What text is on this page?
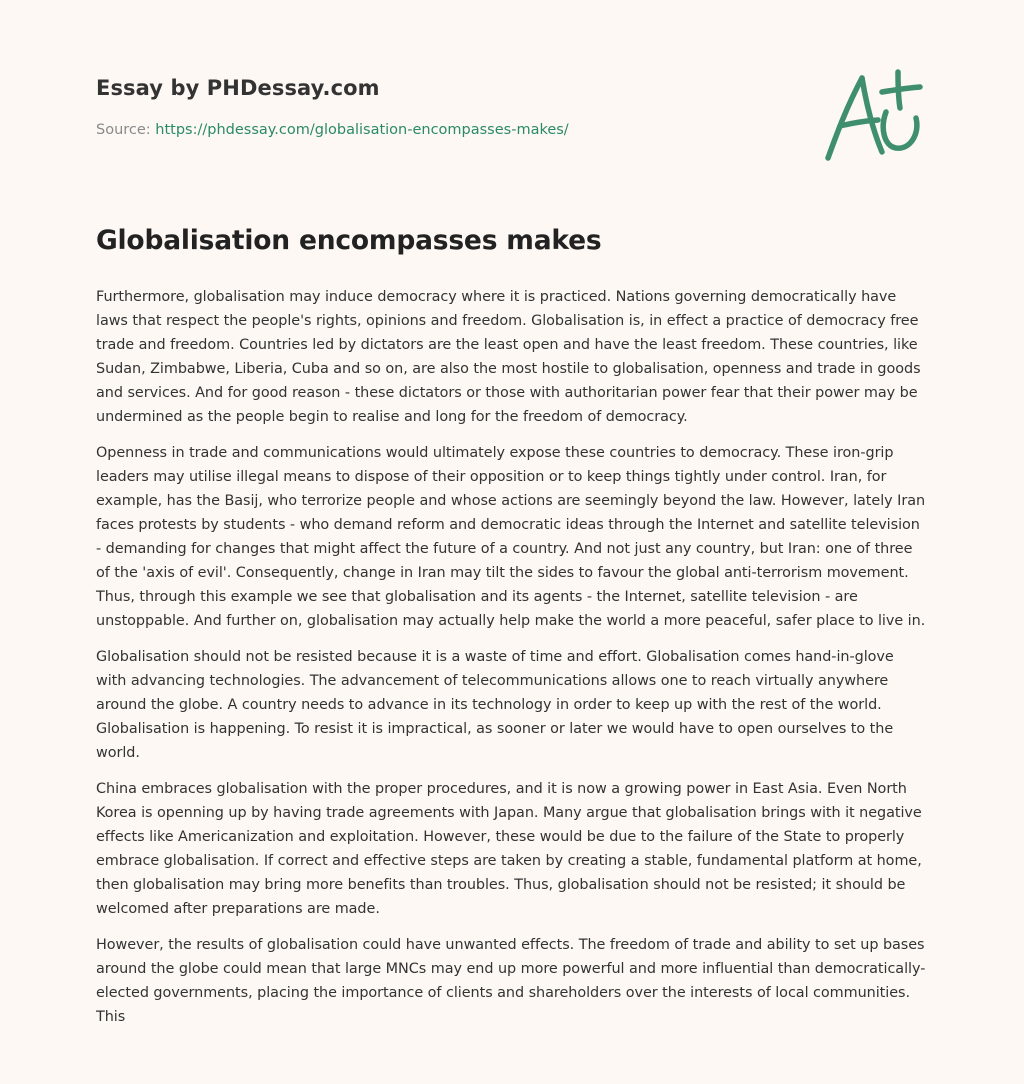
Essay by PHDessay.com
Source: https://phdessay.com/globalisation-encompasses-makes/
Globalisation encompasses makes

Furthermore, globalisation may induce democracy where it is practiced. Nations governing democratically have laws that respect the people's rights, opinions and freedom. Globalisation is, in effect a practice of democracy free trade and freedom. Countries led by dictators are the least open and have the least freedom. These countries, like Sudan, Zimbabwe, Liberia, Cuba and so on, are also the most hostile to globalisation, openness and trade in goods and services. And for good reason - these dictators or those with authoritarian power fear that their power may be undermined as the people begin to realise and long for the freedom of democracy.

Openness in trade and communications would ultimately expose these countries to democracy. These iron-grip leaders may utilise illegal means to dispose of their opposition or to keep things tightly under control. Iran, for example, has the Basij, who terrorize people and whose actions are seemingly beyond the law. However, lately Iran faces protests by students - who demand reform and democratic ideas through the Internet and satellite television - demanding for changes that might affect the future of a country. And not just any country, but Iran: one of three of the 'axis of evil'. Consequently, change in Iran may tilt the sides to favour the global anti-terrorism movement. Thus, through this example we see that globalisation and its agents - the Internet, satellite television - are unstoppable. And further on, globalisation may actually help make the world a more peaceful, safer place to live in.

Globalisation should not be resisted because it is a waste of time and effort. Globalisation comes hand-in-glove with advancing technologies. The advancement of telecommunications allows one to reach virtually anywhere around the globe. A country needs to advance in its technology in order to keep up with the rest of the world. Globalisation is happening. To resist it is impractical, as sooner or later we would have to open ourselves to the world.

China embraces globalisation with the proper procedures, and it is now a growing power in East Asia. Even North Korea is openning up by having trade agreements with Japan. Many argue that globalisation brings with it negative effects like Americanization and exploitation. However, these would be due to the failure of the State to properly embrace globalisation. If correct and effective steps are taken by creating a stable, fundamental platform at home, then globalisation may bring more benefits than troubles. Thus, globalisation should not be resisted; it should be welcomed after preparations are made.

However, the results of globalisation could have unwanted effects. The freedom of trade and ability to set up bases around the globe could mean that large MNCs may end up more powerful and more influential than democratically-elected governments, placing the importance of clients and shareholders over the interests of local communities. This
